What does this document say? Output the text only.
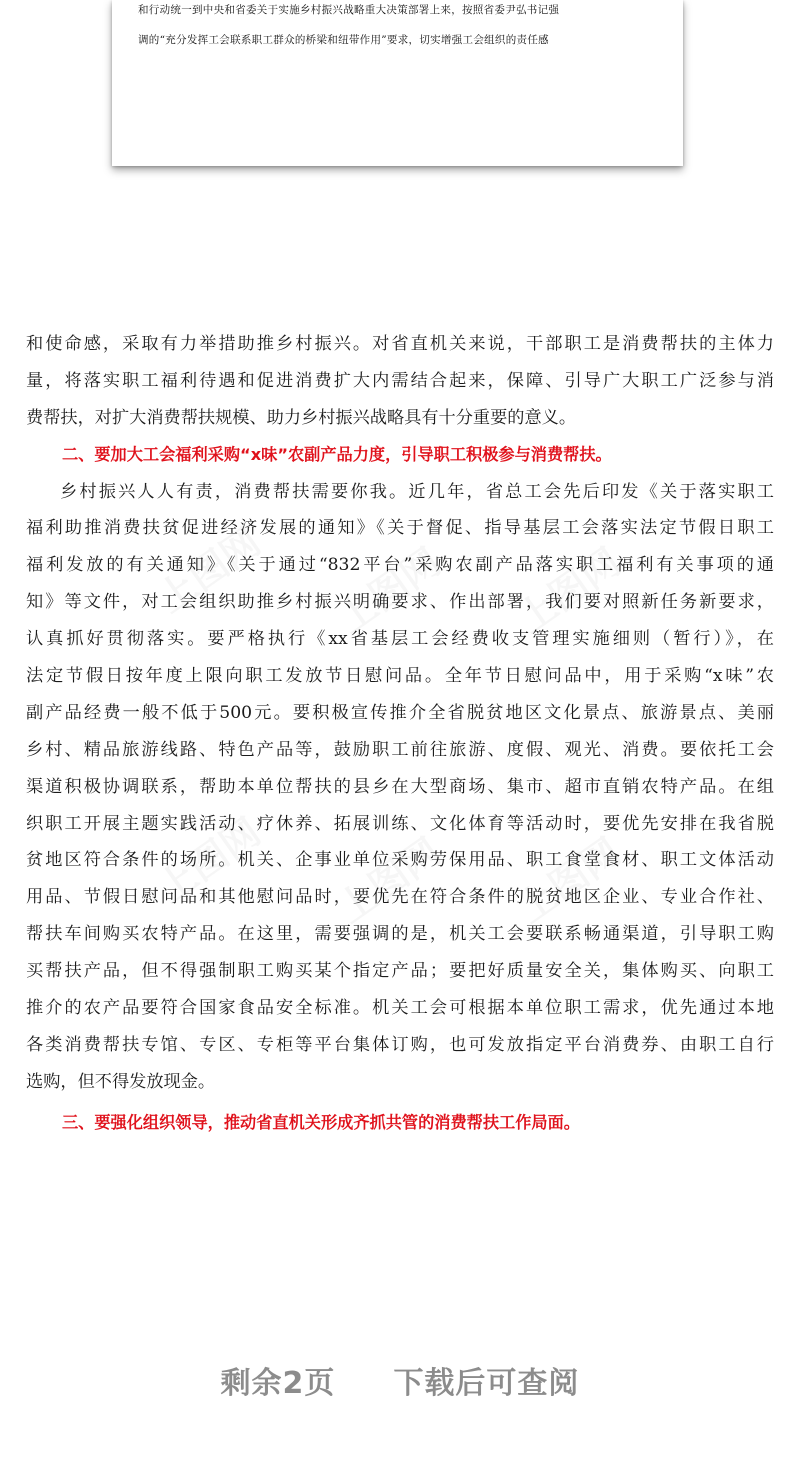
和行动统一到中央和省委关于实施乡村振兴战略重大决策部署上来，按照省委尹弘书记强
调的“充分发挥工会联系职工群众的桥梁和纽带作用”要求，切实增强工会组织的责任感
和使命感，采取有力举措助推乡村振兴。对省直机关来说，干部职工是消费帮扶的主体力
量，将落实职工福利待遇和促进消费扩大内需结合起来，保障、引导广大职工广泛参与消
费帮扶，对扩大消费帮扶规模、助力乡村振兴战略具有十分重要的意义。
二、要加大工会福利采购“x味”农副产品力度，引导职工积极参与消费帮扶。
乡村振兴人人有责，消费帮扶需要你我。近几年，省总工会先后印发《关于落实职工
福利助推消费扶贫促进经济发展的通知》《关于督促、指导基层工会落实法定节假日职工
福利发放的有关通知》《关于通过“832平台”采购农副产品落实职工福利有关事项的通
知》等文件，对工会组织助推乡村振兴明确要求、作出部署，我们要对照新任务新要求，
认真抓好贯彻落实。要严格执行《xx省基层工会经费收支管理实施细则（暂行）》，在
法定节假日按年度上限向职工发放节日慰问品。全年节日慰问品中，用于采购“x味”农
副产品经费一般不低于500元。要积极宣传推介全省脱贫地区文化景点、旅游景点、美丽
乡村、精品旅游线路、特色产品等，鼓励职工前往旅游、度假、观光、消费。要依托工会
渠道积极协调联系，帮助本单位帮扶的县乡在大型商场、集市、超市直销农特产品。在组
织职工开展主题实践活动、疗休养、拓展训练、文化体育等活动时，要优先安排在我省脱
贫地区符合条件的场所。机关、企事业单位采购劳保用品、职工食堂食材、职工文体活动
用品、节假日慰问品和其他慰问品时，要优先在符合条件的脱贫地区企业、专业合作社、
帮扶车间购买农特产品。在这里，需要强调的是，机关工会要联系畅通渠道，引导职工购
买帮扶产品，但不得强制职工购买某个指定产品；要把好质量安全关，集体购买、向职工
推介的农产品要符合国家食品安全标准。机关工会可根据本单位职工需求，优先通过本地
各类消费帮扶专馆、专区、专柜等平台集体订购，也可发放指定平台消费券、由职工自行
选购，但不得发放现金。
三、要强化组织领导，推动省直机关形成齐抓共管的消费帮扶工作局面。
剩余2页 下载后可查阅
